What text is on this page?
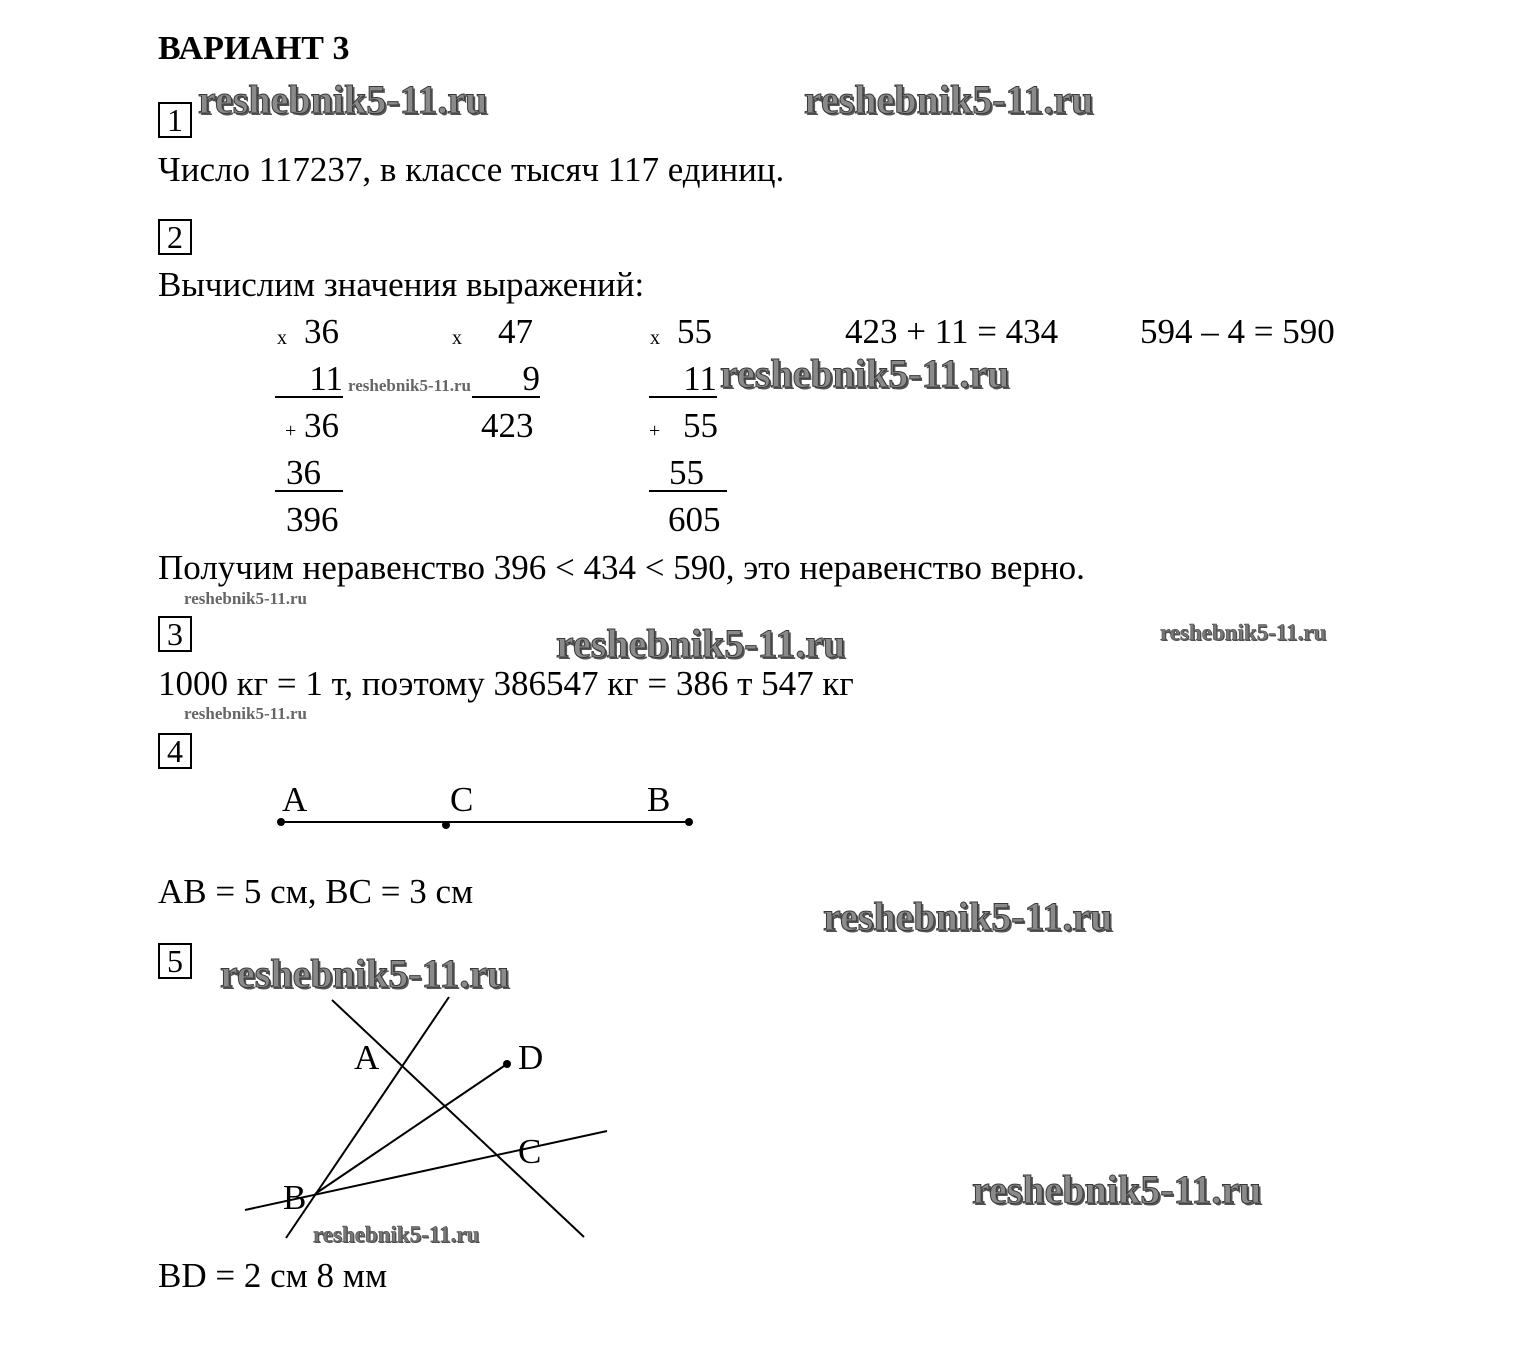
ВАРИАНТ 3
reshebnik5-11.ru	reshebnik5-11.ru
reshebnik5-11.ru
reshebnik5-11.ru
reshebnik5-11.ru
reshebnik5-11.ru	reshebnik5-11.ru
reshebnik5-11.ru
reshebnik5-11.ru
reshebnik5-11.ru
reshebnik5-11.ru
reshebnik5-11.ru
1
Число 117237, в классе тысяч 117 единиц.
2
Вычислим значения выражений:
x 36
11
+ 36
36
396
x 47
9
423
x 55
11
+ 55
55
605
423 + 11 = 434 594 – 4 = 590
Получим неравенство 396 < 434 < 590, это неравенство верно.
3
1000 кг = 1 т, поэтому 386547 кг = 386 т 547 кг
4
A	C	B
AB = 5 см, BC = 3 см
5
A	D
C
B
BD = 2 см 8 мм
